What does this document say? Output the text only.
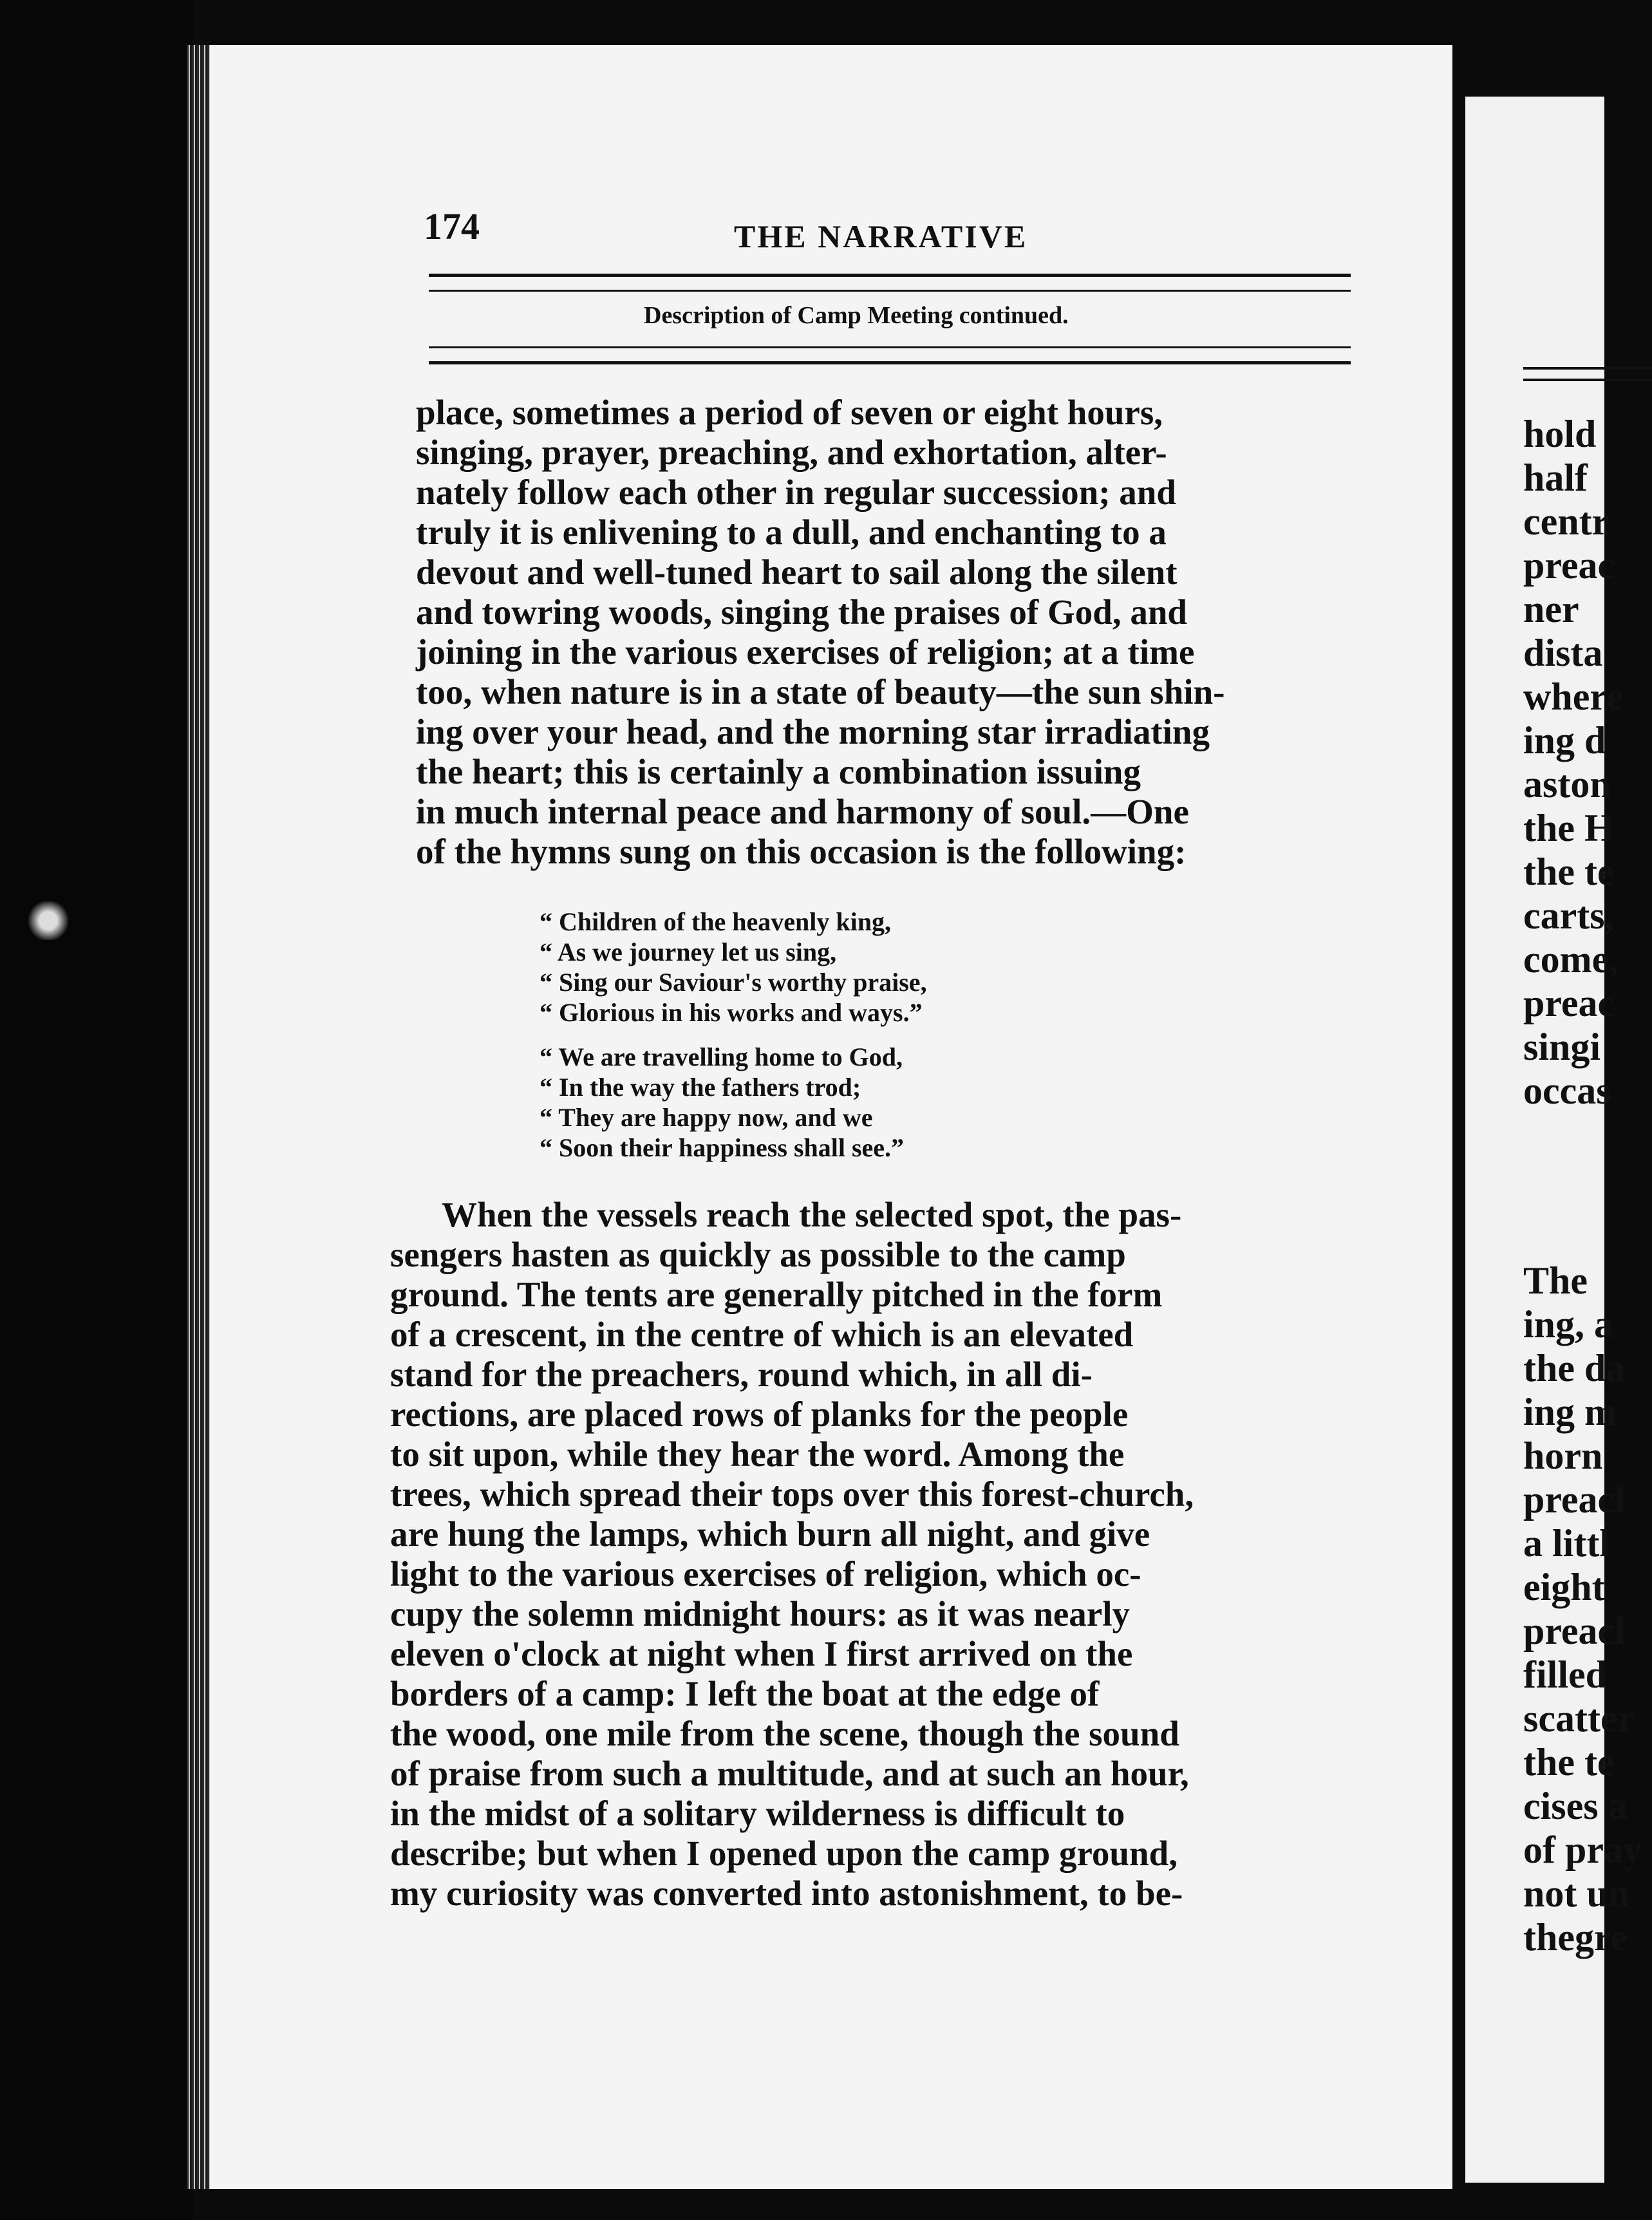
174	THE NARRATIVE
Description of Camp Meeting continued.
place, sometimes a period of seven or eight hours,
singing, prayer, preaching, and exhortation, alter-
nately follow each other in regular succession; and
truly it is enlivening to a dull, and enchanting to a
devout and well-tuned heart to sail along the silent
and towring woods, singing the praises of God, and
joining in the various exercises of religion; at a time
too, when nature is in a state of beauty—the sun shin-
ing over your head, and the morning star irradiating
the heart; this is certainly a combination issuing
in much internal peace and harmony of soul.—One
of the hymns sung on this occasion is the following:
“ Children of the heavenly king,
“ As we journey let us sing,
“ Sing our Saviour's worthy praise,
“ Glorious in his works and ways.”
“ We are travelling home to God,
“ In the way the fathers trod;
“ They are happy now, and we
“ Soon their happiness shall see.”
When the vessels reach the selected spot, the pas-
sengers hasten as quickly as possible to the camp
ground. The tents are generally pitched in the form
of a crescent, in the centre of which is an elevated
stand for the preachers, round which, in all di-
rections, are placed rows of planks for the people
to sit upon, while they hear the word. Among the
trees, which spread their tops over this forest-church,
are hung the lamps, which burn all night, and give
light to the various exercises of religion, which oc-
cupy the solemn midnight hours: as it was nearly
eleven o'clock at night when I first arrived on the
borders of a camp: I left the boat at the edge of
the wood, one mile from the scene, though the sound
of praise from such a multitude, and at such an hour,
in the midst of a solitary wilderness is difficult to
describe; but when I opened upon the camp ground,
my curiosity was converted into astonishment, to be-
hold
half
centr
preac
ner
dista
where
ing d
aston
the H
the te
carts,
come,
preac
singi
occas
The
ing, a
the da
ing m
horn
preacl
a littl
eight
preacl
filled
scatter
the te
cises a
of pray
not un
thegre
